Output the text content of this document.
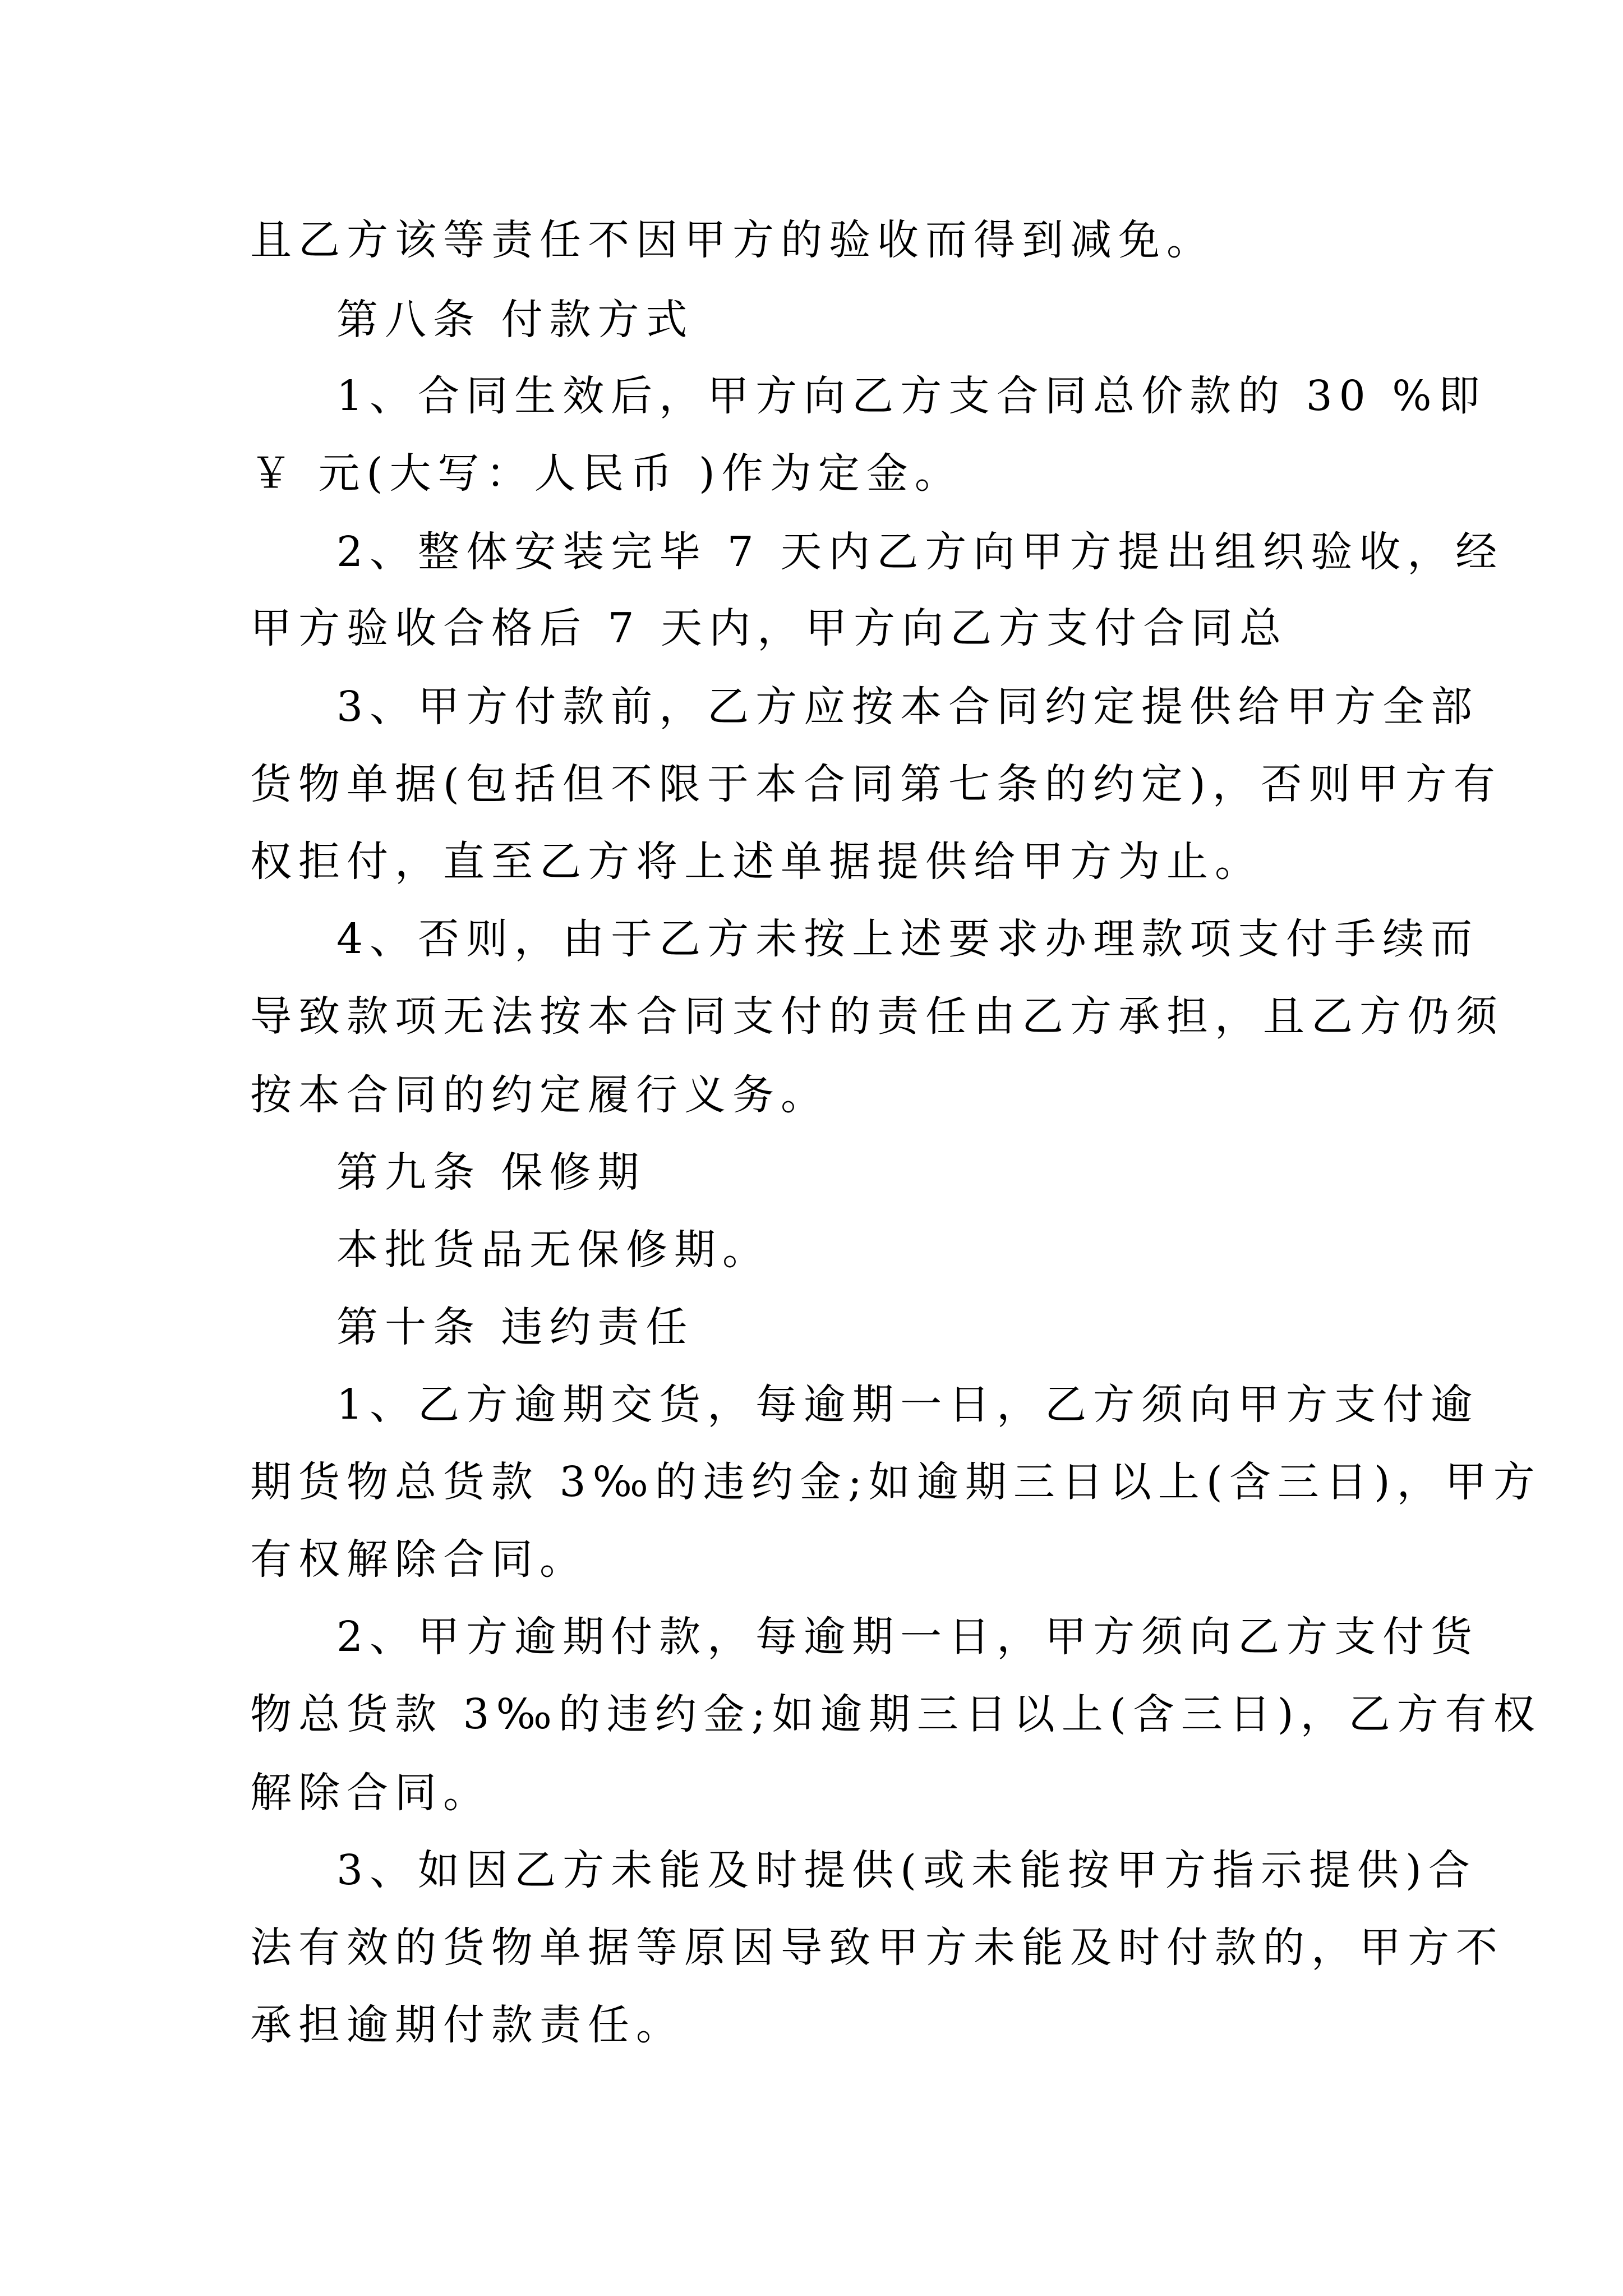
且乙方该等责任不因甲方的验收而得到减免。

第八条 付款方式

1、合同生效后，甲方向乙方支合同总价款的 30 %即

￥ 元(大写：人民币 )作为定金。

2、整体安装完毕 7 天内乙方向甲方提出组织验收，经

甲方验收合格后 7 天内，甲方向乙方支付合同总

3、甲方付款前，乙方应按本合同约定提供给甲方全部

货物单据(包括但不限于本合同第七条的约定)，否则甲方有

权拒付，直至乙方将上述单据提供给甲方为止。

4、否则，由于乙方未按上述要求办理款项支付手续而

导致款项无法按本合同支付的责任由乙方承担，且乙方仍须

按本合同的约定履行义务。

第九条 保修期

本批货品无保修期。

第十条 违约责任

1、乙方逾期交货，每逾期一日，乙方须向甲方支付逾

期货物总货款 3‰的违约金;如逾期三日以上(含三日)，甲方

有权解除合同。

2、甲方逾期付款，每逾期一日，甲方须向乙方支付货

物总货款 3‰的违约金;如逾期三日以上(含三日)，乙方有权

解除合同。

3、如因乙方未能及时提供(或未能按甲方指示提供)合

法有效的货物单据等原因导致甲方未能及时付款的，甲方不

承担逾期付款责任。
